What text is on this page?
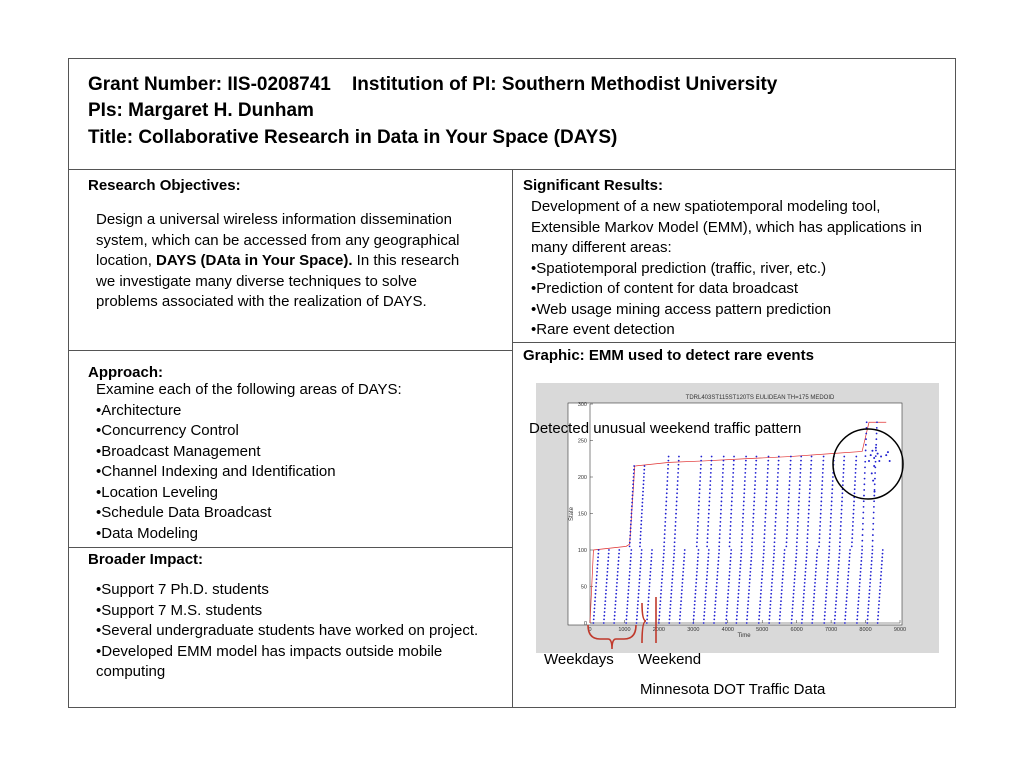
Grant Number: IIS-0208741    Institution of PI: Southern Methodist University
PIs: Margaret H. Dunham
Title: Collaborative Research in Data in Your Space (DAYS)
Research Objectives:
Design a universal wireless information dissemination system, which can be accessed from any geographical location, DAYS (DAta in Your Space). In this research we investigate many diverse techniques to solve problems associated with the realization of DAYS.
Approach:
Examine each of the following areas of DAYS:
•Architecture
•Concurrency Control
•Broadcast Management
•Channel Indexing and Identification
•Location Leveling
•Schedule Data Broadcast
•Data Modeling
Broader Impact:
•Support 7 Ph.D. students
•Support 7 M.S. students
•Several undergraduate students have worked on project.
•Developed EMM model has impacts outside mobile computing
Significant Results:
Development of a new spatiotemporal modeling tool, Extensible Markov Model (EMM), which has applications in many different areas:
•Spatiotemporal prediction (traffic, river, etc.)
•Prediction of content for data broadcast
•Web usage mining access pattern prediction
•Rare event detection
Graphic: EMM used to detect rare events
TDRL403ST115ST120TS EULIDEAN TH=175 MEDOID
0	1000	2000	3000	4000	5000	6000	7000	8000	9000
0
50
100
150
200
250
300
Time
State
Detected unusual weekend traffic pattern
Weekdays Weekend
Minnesota DOT Traffic Data
